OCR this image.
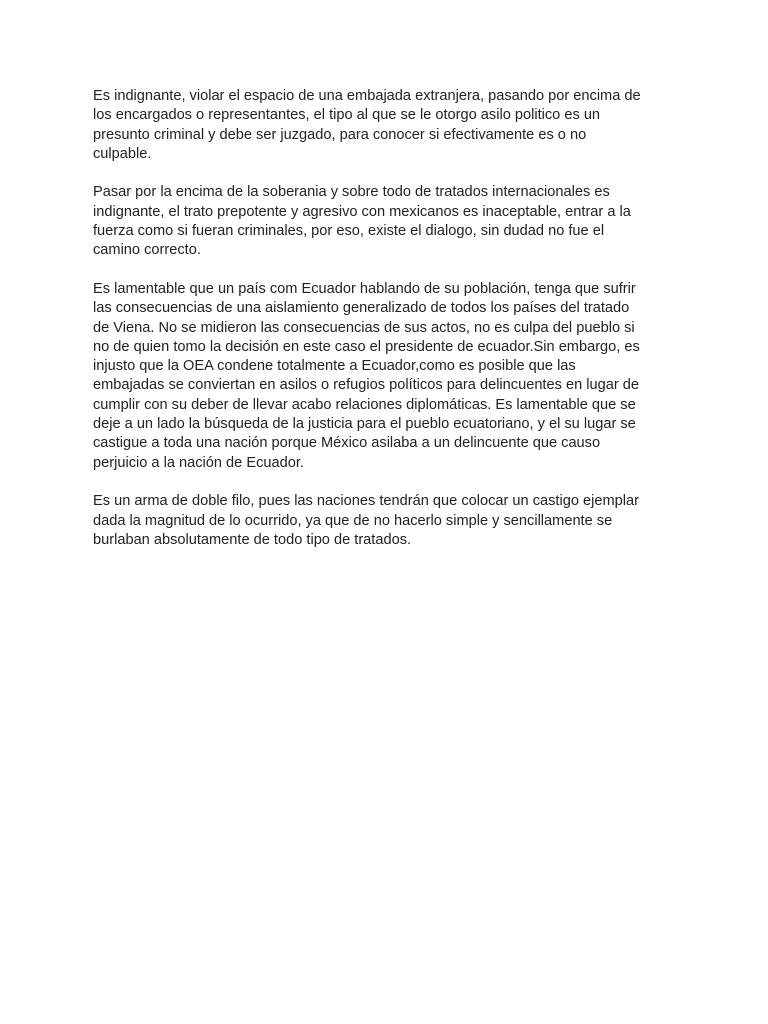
Es indignante, violar el espacio de una embajada extranjera, pasando por encima de
los encargados o representantes, el tipo al que se le otorgo asilo politico es un
presunto criminal y debe ser juzgado, para conocer si efectivamente es o no
culpable.

Pasar por la encima de la soberania y sobre todo de tratados internacionales es
indignante, el trato prepotente y agresivo con mexicanos es inaceptable, entrar a la
fuerza como si fueran criminales, por eso, existe el dialogo, sin dudad no fue el
camino correcto.

Es lamentable que un país com Ecuador hablando de su población, tenga que sufrir
las consecuencias de una aislamiento generalizado de todos los países del tratado
de Viena. No se midieron las consecuencias de sus actos, no es culpa del pueblo si
no de quien tomo la decisión en este caso el presidente de ecuador.Sin embargo, es
injusto que la OEA condene totalmente a Ecuador,como es posible que las
embajadas se conviertan en asilos o refugios políticos para delincuentes en lugar de
cumplir con su deber de llevar acabo relaciones diplomáticas. Es lamentable que se
deje a un lado la búsqueda de la justicia para el pueblo ecuatoriano, y el su lugar se
castigue a toda una nación porque México asilaba a un delincuente que causo
perjuicio a la nación de Ecuador.

Es un arma de doble filo, pues las naciones tendrán que colocar un castigo ejemplar
dada la magnitud de lo ocurrido, ya que de no hacerlo simple y sencillamente se
burlaban absolutamente de todo tipo de tratados.
